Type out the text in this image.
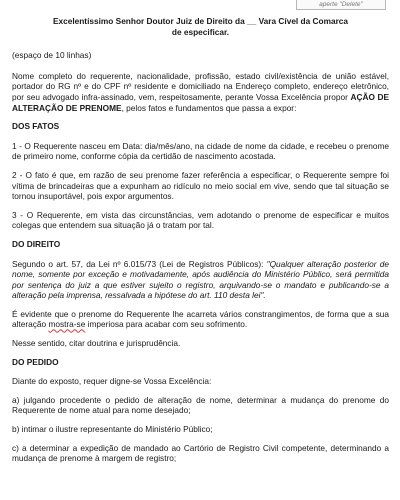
aperte "Delete"
Excelentíssimo Senhor Doutor Juiz de Direito da __ Vara Cível da Comarca
de especificar.
(espaço de 10 linhas)

Nome completo do requerente, nacionalidade, profissão, estado civil/existência de união estável, portador do RG nº e do CPF nº residente e domiciliado na Endereço completo, endereço eletrônico, por seu advogado infra-assinado, vem, respeitosamente, perante Vossa Excelência propor AÇÃO DE ALTERAÇÃO DE PRENOME, pelos fatos e fundamentos que passa a expor:

DOS FATOS

1 - O Requerente nasceu em Data: dia/mês/ano, na cidade de nome da cidade, e recebeu o prenome de primeiro nome, conforme cópia da certidão de nascimento acostada.

2 - O fato é que, em razão de seu prenome fazer referência a especificar, o Requerente sempre foi vítima de brincadeiras que a expunham ao ridículo no meio social em vive, sendo que tal situação se tornou insuportável, pois expor argumentos.

3 - O Requerente, em vista das circunstâncias, vem adotando o prenome de especificar e muitos colegas que entendem sua situação já o tratam por tal.

DO DIREITO

Segundo o art. 57, da Lei nº 6.015/73 (Lei de Registros Públicos): "Qualquer alteração posterior de nome, somente por exceção e motivadamente, após audiência do Ministério Público, será permitida por sentença do juiz a que estiver sujeito o registro, arquivando-se o mandato e publicando-se a alteração pela imprensa, ressalvada a hipótese do art. 110 desta lei".

É evidente que o prenome do Requerente lhe acarreta vários constrangimentos, de forma que a sua alteração mostra-se imperiosa para acabar com seu sofrimento.

Nesse sentido, citar doutrina e jurisprudência.

DO PEDIDO

Diante do exposto, requer digne-se Vossa Excelência:

a) julgando procedente o pedido de alteração de nome, determinar a mudança do prenome do Requerente de nome atual para nome desejado;

b) intimar o ilustre representante do Ministério Público;

c) a determinar a expedição de mandado ao Cartório de Registro Civil competente, determinando a mudança de prenome à margem de registro;
